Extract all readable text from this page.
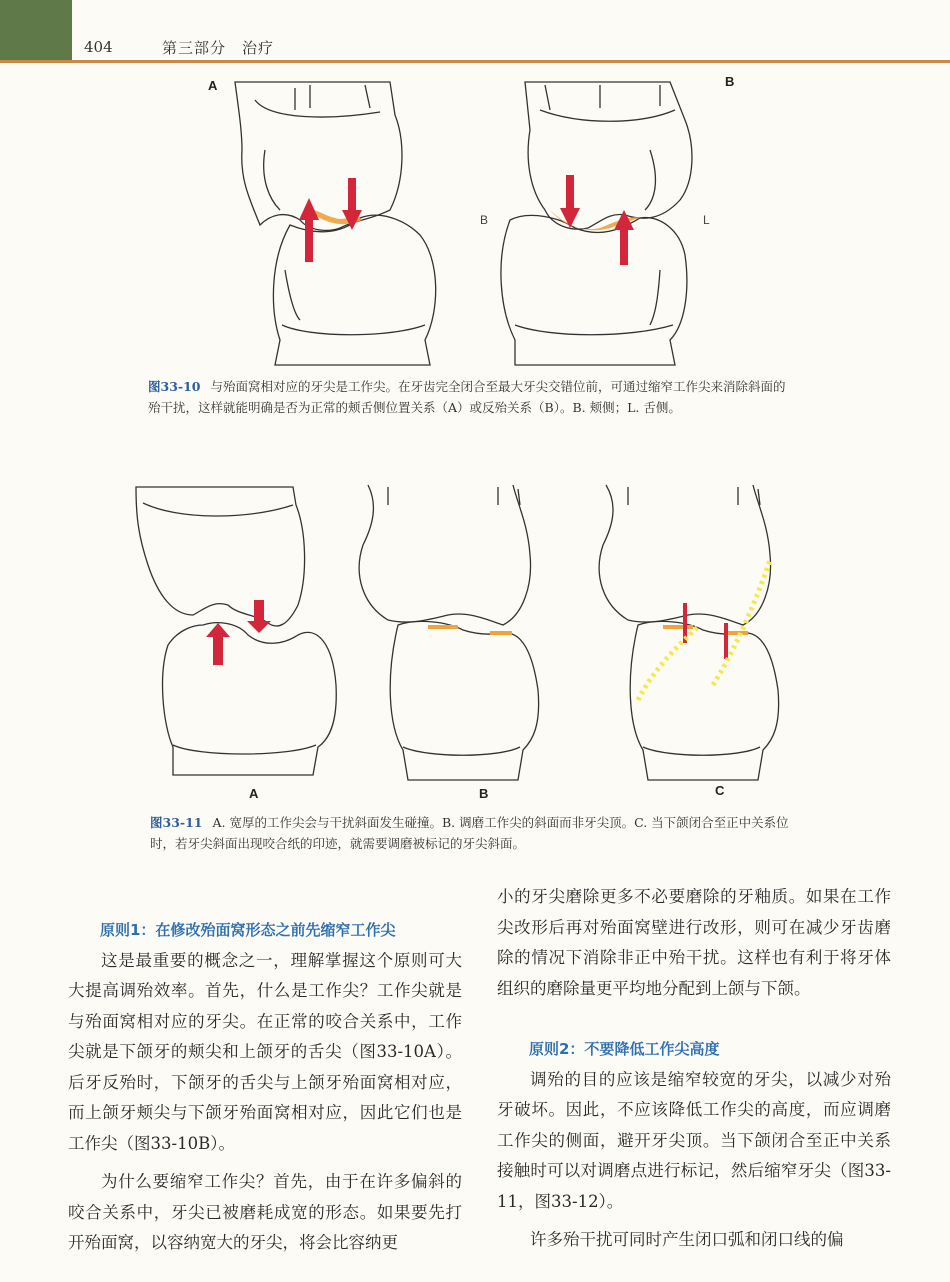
404	第三部分　治疗
A	B
B	L
图33-10 与殆面窝相对应的牙尖是工作尖。在牙齿完全闭合至最大牙尖交错位前，可通过缩窄工作尖来消除斜面的殆干扰，这样就能明确是否为正常的颊舌侧位置关系（A）或反殆关系（B）。B. 颊侧；L. 舌侧。
A	B	C
图33-11 A. 宽厚的工作尖会与干扰斜面发生碰撞。B. 调磨工作尖的斜面而非牙尖顶。C. 当下颌闭合至正中关系位时，若牙尖斜面出现咬合纸的印迹，就需要调磨被标记的牙尖斜面。

原则1：在修改殆面窝形态之前先缩窄工作尖

这是最重要的概念之一，理解掌握这个原则可大大提高调殆效率。首先，什么是工作尖？工作尖就是与殆面窝相对应的牙尖。在正常的咬合关系中，工作尖就是下颌牙的颊尖和上颌牙的舌尖（图33-10A）。后牙反殆时，下颌牙的舌尖与上颌牙殆面窝相对应，而上颌牙颊尖与下颌牙殆面窝相对应，因此它们也是工作尖（图33-10B）。

为什么要缩窄工作尖？首先，由于在许多偏斜的咬合关系中，牙尖已被磨耗成宽的形态。如果要先打开殆面窝，以容纳宽大的牙尖，将会比容纳更

小的牙尖磨除更多不必要磨除的牙釉质。如果在工作尖改形后再对殆面窝壁进行改形，则可在减少牙齿磨除的情况下消除非正中殆干扰。这样也有利于将牙体组织的磨除量更平均地分配到上颌与下颌。

原则2：不要降低工作尖高度

调殆的目的应该是缩窄较宽的牙尖，以减少对殆牙破坏。因此，不应该降低工作尖的高度，而应调磨工作尖的侧面，避开牙尖顶。当下颌闭合至正中关系接触时可以对调磨点进行标记，然后缩窄牙尖（图33-11，图33-12）。

许多殆干扰可同时产生闭口弧和闭口线的偏
